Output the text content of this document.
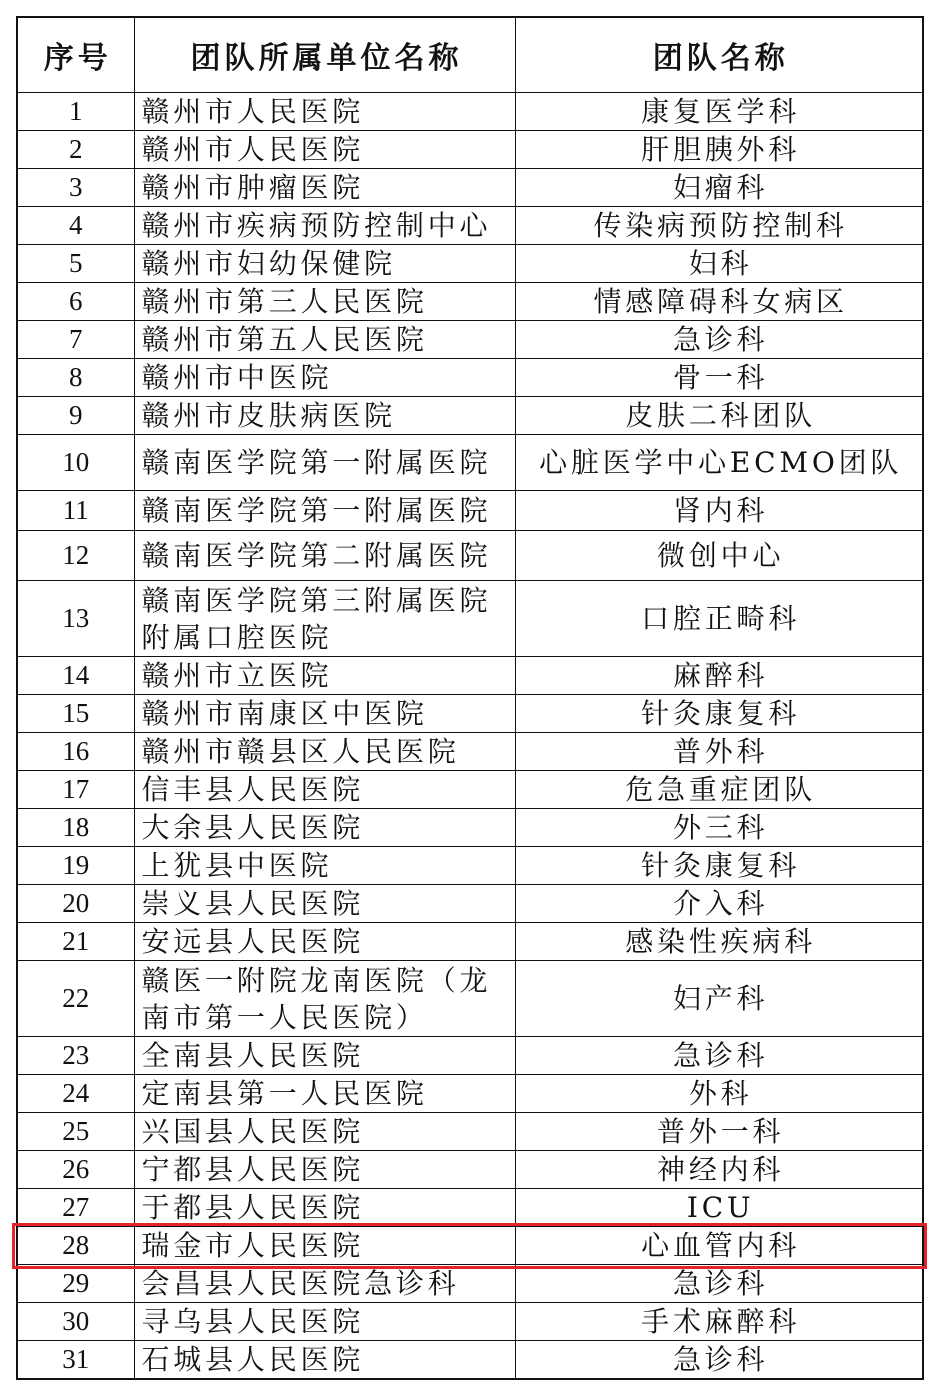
序号	团队所属单位名称	团队名称
1	赣州市人民医院	康复医学科
2	赣州市人民医院	肝胆胰外科
3	赣州市肿瘤医院	妇瘤科
4	赣州市疾病预防控制中心	传染病预防控制科
5	赣州市妇幼保健院	妇科
6	赣州市第三人民医院	情感障碍科女病区
7	赣州市第五人民医院	急诊科
8	赣州市中医院	骨一科
9	赣州市皮肤病医院	皮肤二科团队
10	赣南医学院第一附属医院	心脏医学中心ECMO团队
11	赣南医学院第一附属医院	肾内科
12	赣南医学院第二附属医院	微创中心
13	赣南医学院第三附属医院附属口腔医院	口腔正畸科
14	赣州市立医院	麻醉科
15	赣州市南康区中医院	针灸康复科
16	赣州市赣县区人民医院	普外科
17	信丰县人民医院	危急重症团队
18	大余县人民医院	外三科
19	上犹县中医院	针灸康复科
20	崇义县人民医院	介入科
21	安远县人民医院	感染性疾病科
22	赣医一附院龙南医院（龙南市第一人民医院）	妇产科
23	全南县人民医院	急诊科
24	定南县第一人民医院	外科
25	兴国县人民医院	普外一科
26	宁都县人民医院	神经内科
27	于都县人民医院	ICU
28	瑞金市人民医院	心血管内科
29	会昌县人民医院急诊科	急诊科
30	寻乌县人民医院	手术麻醉科
31	石城县人民医院	急诊科
